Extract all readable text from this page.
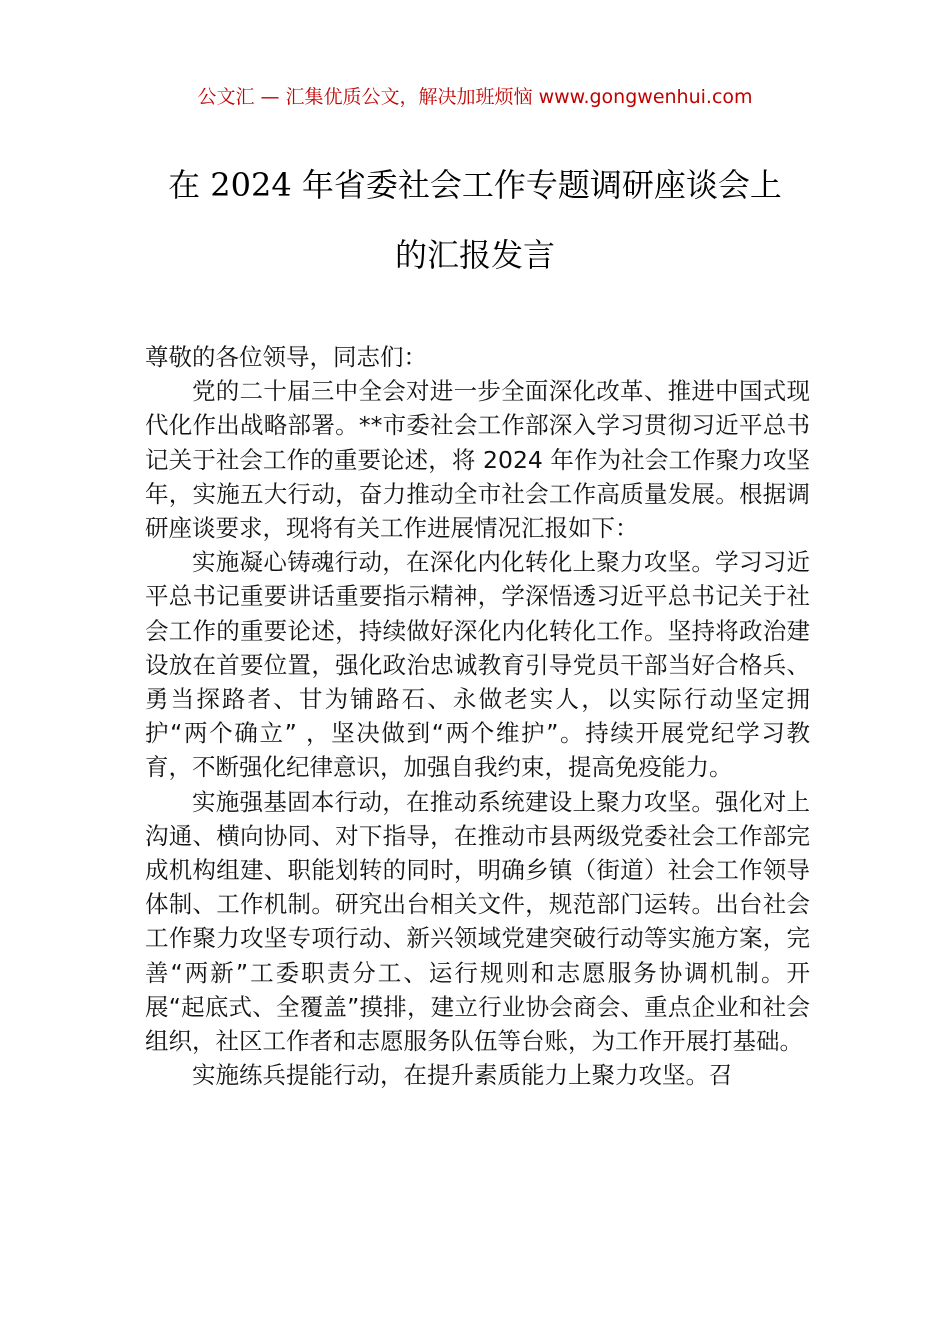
公文汇 — 汇集优质公文，解决加班烦恼 www.gongwenhui.com
在 2024 年省委社会工作专题调研座谈会上
的汇报发言

尊敬的各位领导，同志们：

党的二十届三中全会对进一步全面深化改革、推进中国式现代化作出战略部署。**市委社会工作部深入学习贯彻习近平总书记关于社会工作的重要论述，将 2024 年作为社会工作聚力攻坚年，实施五大行动，奋力推动全市社会工作高质量发展。根据调研座谈要求，现将有关工作进展情况汇报如下：

实施凝心铸魂行动，在深化内化转化上聚力攻坚。学习习近平总书记重要讲话重要指示精神，学深悟透习近平总书记关于社会工作的重要论述，持续做好深化内化转化工作。坚持将政治建设放在首要位置，强化政治忠诚教育引导党员干部当好合格兵、勇当探路者、甘为铺路石、永做老实人，以实际行动坚定拥护“两个确立” ，坚决做到“两个维护”。持续开展党纪学习教育，不断强化纪律意识，加强自我约束，提高免疫能力。

实施强基固本行动，在推动系统建设上聚力攻坚。强化对上沟通、横向协同、对下指导，在推动市县两级党委社会工作部完成机构组建、职能划转的同时，明确乡镇（街道）社会工作领导体制、工作机制。研究出台相关文件，规范部门运转。出台社会工作聚力攻坚专项行动、新兴领域党建突破行动等实施方案，完善“两新”工委职责分工、运行规则和志愿服务协调机制。开展“起底式、全覆盖”摸排，建立行业协会商会、重点企业和社会组织，社区工作者和志愿服务队伍等台账，为工作开展打基础。

实施练兵提能行动，在提升素质能力上聚力攻坚。召
